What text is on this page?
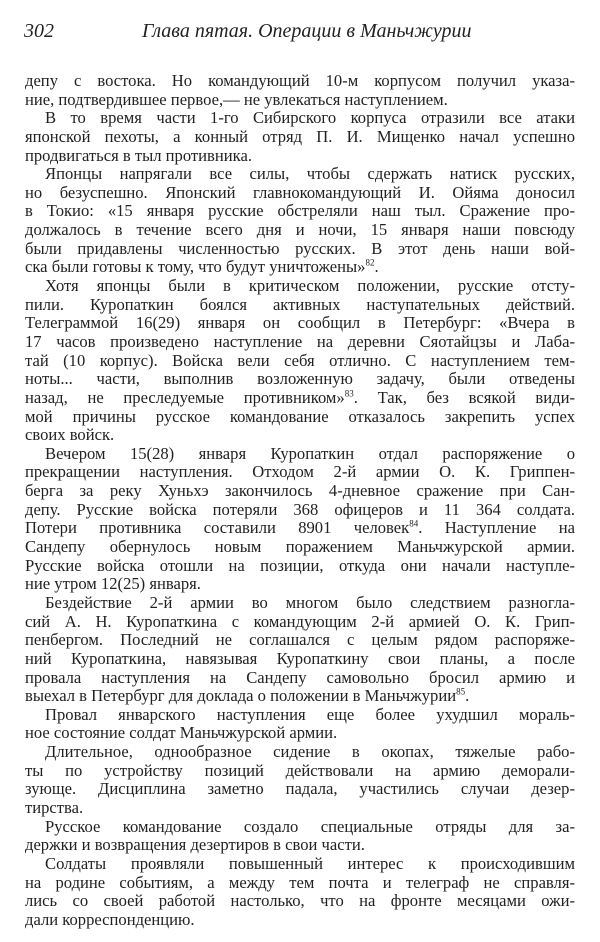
302	Глава пятая. Операции в Маньчжурии
депу с востока. Но командующий 10-м корпусом получил указа-
ние, подтвердившее первое,— не увлекаться наступлением.
В то время части 1-го Сибирского корпуса отразили все атаки
японской пехоты, а конный отряд П. И. Мищенко начал успешно
продвигаться в тыл противника.
Японцы напрягали все силы, чтобы сдержать натиск русских,
но безуспешно. Японский главнокомандующий И. Ойяма доносил
в Токио: «15 января русские обстреляли наш тыл. Сражение про-
должалось в течение всего дня и ночи, 15 января наши повсюду
были придавлены численностью русских. В этот день наши вой-
ска были готовы к тому, что будут уничтожены»$^{82}$.
Хотя японцы были в критическом положении, русские отсту-
пили. Куропаткин боялся активных наступательных действий.
Телеграммой 16(29) января он сообщил в Петербург: «Вчера в
17 часов произведено наступление на деревни Сяотайцзы и Лаба-
тай (10 корпус). Войска вели себя отлично. С наступлением тем-
ноты... части, выполнив возложенную задачу, были отведены
назад, не преследуемые противником»$^{83}$. Так, без всякой види-
мой причины русское командование отказалось закрепить успех
своих войск.
Вечером 15(28) января Куропаткин отдал распоряжение о
прекращении наступления. Отходом 2-й армии О. К. Гриппен-
берга за реку Хуньхэ закончилось 4-дневное сражение при Сан-
депу. Русские войска потеряли 368 офицеров и 11 364 солдата.
Потери противника составили 8901 человек$^{84}$. Наступление на
Сандепу обернулось новым поражением Маньчжурской армии.
Русские войска отошли на позиции, откуда они начали наступле-
ние утром 12(25) января.
Бездействие 2-й армии во многом было следствием разногла-
сий А. Н. Куропаткина с командующим 2-й армией О. К. Грип-
пенбергом. Последний не соглашался с целым рядом распоряже-
ний Куропаткина, навязывая Куропаткину свои планы, а после
провала наступления на Сандепу самовольно бросил армию и
выехал в Петербург для доклада о положении в Маньчжурии$^{85}$.
Провал январского наступления еще более ухудшил мораль-
ное состояние солдат Маньчжурской армии.
Длительное, однообразное сидение в окопах, тяжелые рабо-
ты по устройству позиций действовали на армию деморали-
зующе. Дисциплина заметно падала, участились случаи дезер-
тирства.
Русское командование создало специальные отряды для за-
держки и возвращения дезертиров в свои части.
Солдаты проявляли повышенный интерес к происходившим
на родине событиям, а между тем почта и телеграф не справля-
лись со своей работой настолько, что на фронте месяцами ожи-
дали корреспонденцию.
